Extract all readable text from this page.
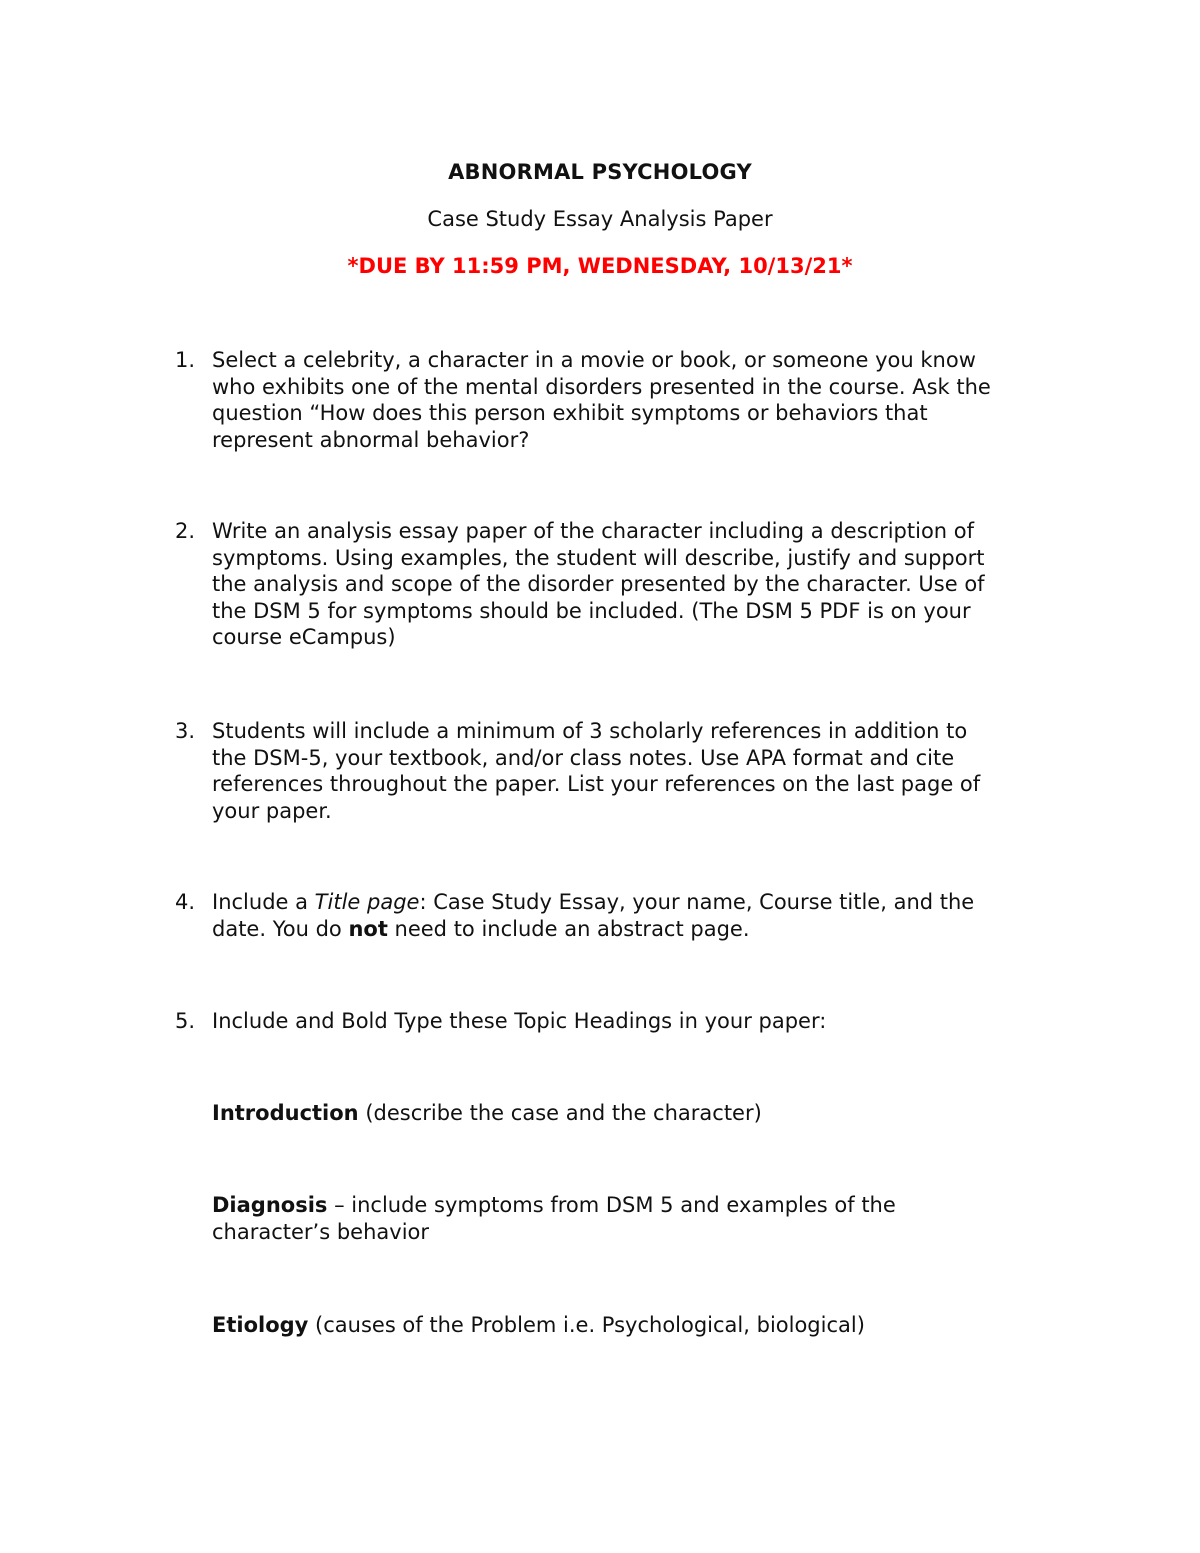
ABNORMAL PSYCHOLOGY
Case Study Essay Analysis Paper
*DUE BY 11:59 PM, WEDNESDAY, 10/13/21*
1. Select a celebrity, a character in a movie or book, or someone you know
who exhibits one of the mental disorders presented in the course. Ask the
question “How does this person exhibit symptoms or behaviors that
represent abnormal behavior?
2. Write an analysis essay paper of the character including a description of
symptoms. Using examples, the student will describe, justify and support
the analysis and scope of the disorder presented by the character. Use of
the DSM 5 for symptoms should be included. (The DSM 5 PDF is on your
course eCampus)
3. Students will include a minimum of 3 scholarly references in addition to
the DSM-5, your textbook, and/or class notes. Use APA format and cite
references throughout the paper. List your references on the last page of
your paper.
4. Include a Title page: Case Study Essay, your name, Course title, and the
date. You do not need to include an abstract page.
5. Include and Bold Type these Topic Headings in your paper:
Introduction (describe the case and the character)
Diagnosis – include symptoms from DSM 5 and examples of the
character’s behavior
Etiology (causes of the Problem i.e. Psychological, biological)
